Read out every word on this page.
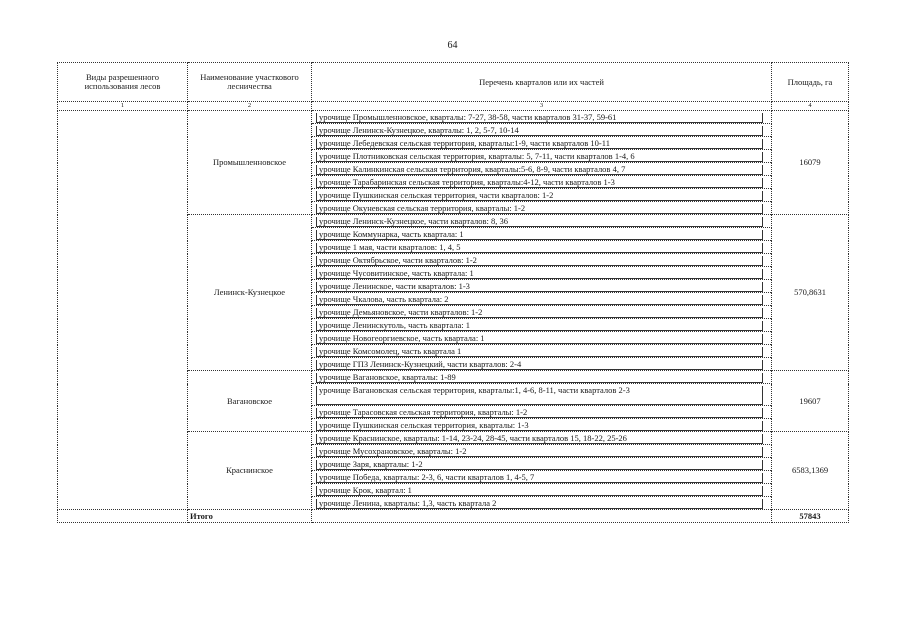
64
Виды разрешенного использования лесов	Наименование участкового лесничества	Перечень кварталов или их частей	Площадь, га
1	2	3	4
	Промышленновское	урочище Промышленновское, кварталы: 7-27, 38-58, части кварталов 31-37, 59-61	16079

		урочище Ленинск-Кузнецкое, кварталы: 1, 2, 5-7, 10-14	

		урочище Лебедевская сельская территория, кварталы:1-9, части кварталов 10-11	

		урочище Плотниковская сельская территория, кварталы: 5, 7-11, части кварталов 1-4, 6	

		урочище Калинкинская сельская территория, кварталы:5-6, 8-9, части кварталов 4, 7	

		урочище Тарабаринская сельская территория, кварталы:4-12, части кварталов 1-3	

		урочище Пушкинская сельская территория, части кварталов: 1-2	

		урочище Окуневская сельская территория, кварталы: 1-2	

	Ленинск-Кузнецкое	урочище Ленинск-Кузнецкое, части кварталов: 8, 36	570,8631

		урочище Коммунарка, часть квартала: 1	

		урочище 1 мая, части кварталов: 1, 4, 5	

		урочище Октябрьское, части кварталов: 1-2	

		урочище Чусовитинское, часть квартала: 1	

		урочище Ленинское, части кварталов: 1-3	

		урочище Чкалова, часть квартала: 2	

		урочище Демьяновское, части кварталов: 1-2	

		урочище Ленинскутоль, часть квартала: 1	

		урочище Новогеоргиевское, часть квартала: 1	

		урочище Комсомолец, часть квартала 1	

		урочище ГПЗ Ленинск-Кузнецкий, части кварталов: 2-4	

	Вагановское	урочище Вагановское, кварталы: 1-89	19607

		урочище Вагановская сельская территория, кварталы:1, 4-6, 8-11, части кварталов 2-3	

		урочище Тарасовская сельская территория, кварталы: 1-2	

		урочище Пушкинская сельская территория, кварталы: 1-3	

	Краснинское	урочище Краснинское, кварталы: 1-14, 23-24, 28-45, части кварталов 15, 18-22, 25-26	6583,1369

		урочище Мусохрановское, кварталы: 1-2	

		урочище Заря, кварталы: 1-2	

		урочище Победа, кварталы: 2-3, 6, части кварталов 1, 4-5, 7	

		урочище Крок, квартал: 1	

		урочище Ленина, кварталы: 1,3, часть квартала 2	

	Итого		57843
